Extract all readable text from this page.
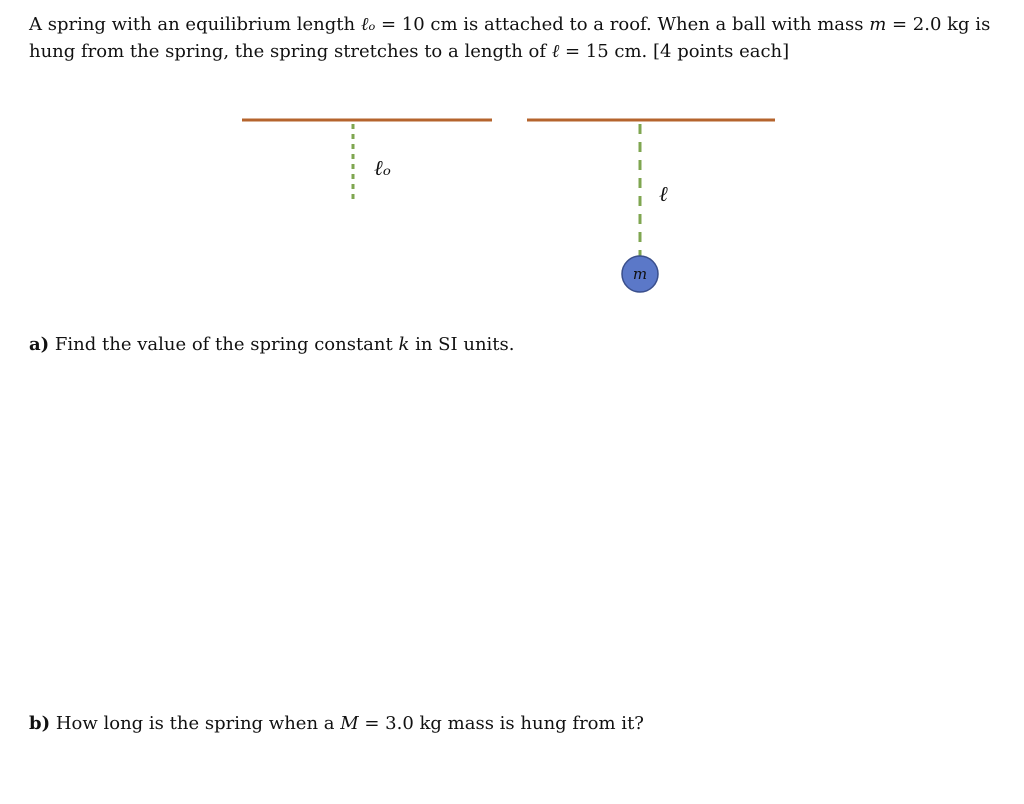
A spring with an equilibrium length ℓₒ = 10 cm is attached to a roof. When a ball with mass m = 2.0 kg is
hung from the spring, the spring stretches to a length of ℓ = 15 cm. [4 points each]

ℓₒ
ℓ
m

a) Find the value of the spring constant k in SI units.

b) How long is the spring when a M = 3.0 kg mass is hung from it?
